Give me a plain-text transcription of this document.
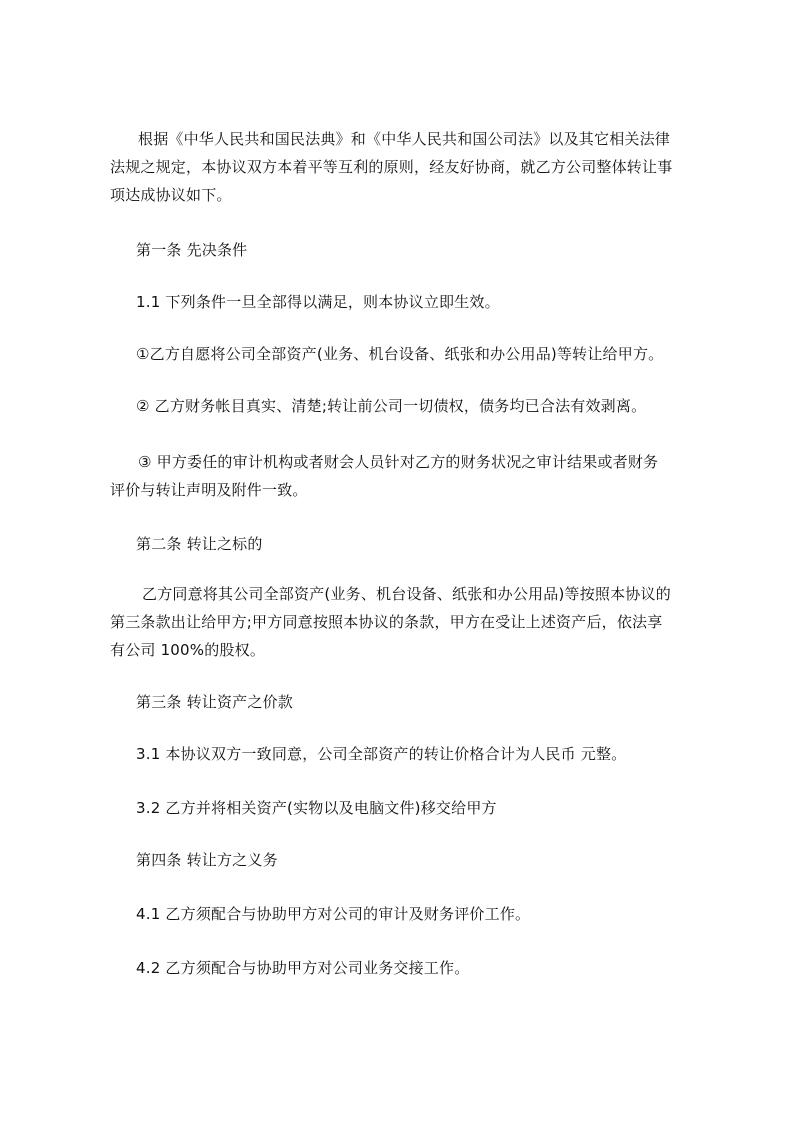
根据《中华人民共和国民法典》和《中华人民共和国公司法》以及其它相关法律
法规之规定，本协议双方本着平等互利的原则，经友好协商，就乙方公司整体转让事
项达成协议如下。
第一条 先决条件
1.1 下列条件一旦全部得以满足，则本协议立即生效。
①乙方自愿将公司全部资产(业务、机台设备、纸张和办公用品)等转让给甲方。
② 乙方财务帐目真实、清楚;转让前公司一切债权，债务均已合法有效剥离。
③ 甲方委任的审计机构或者财会人员针对乙方的财务状况之审计结果或者财务
评价与转让声明及附件一致。
第二条 转让之标的
乙方同意将其公司全部资产(业务、机台设备、纸张和办公用品)等按照本协议的
第三条款出让给甲方;甲方同意按照本协议的条款，甲方在受让上述资产后，依法享
有公司 100%的股权。
第三条 转让资产之价款
3.1 本协议双方一致同意，公司全部资产的转让价格合计为人民币 元整。
3.2 乙方并将相关资产(实物以及电脑文件)移交给甲方
第四条 转让方之义务
4.1 乙方须配合与协助甲方对公司的审计及财务评价工作。
4.2 乙方须配合与协助甲方对公司业务交接工作。
